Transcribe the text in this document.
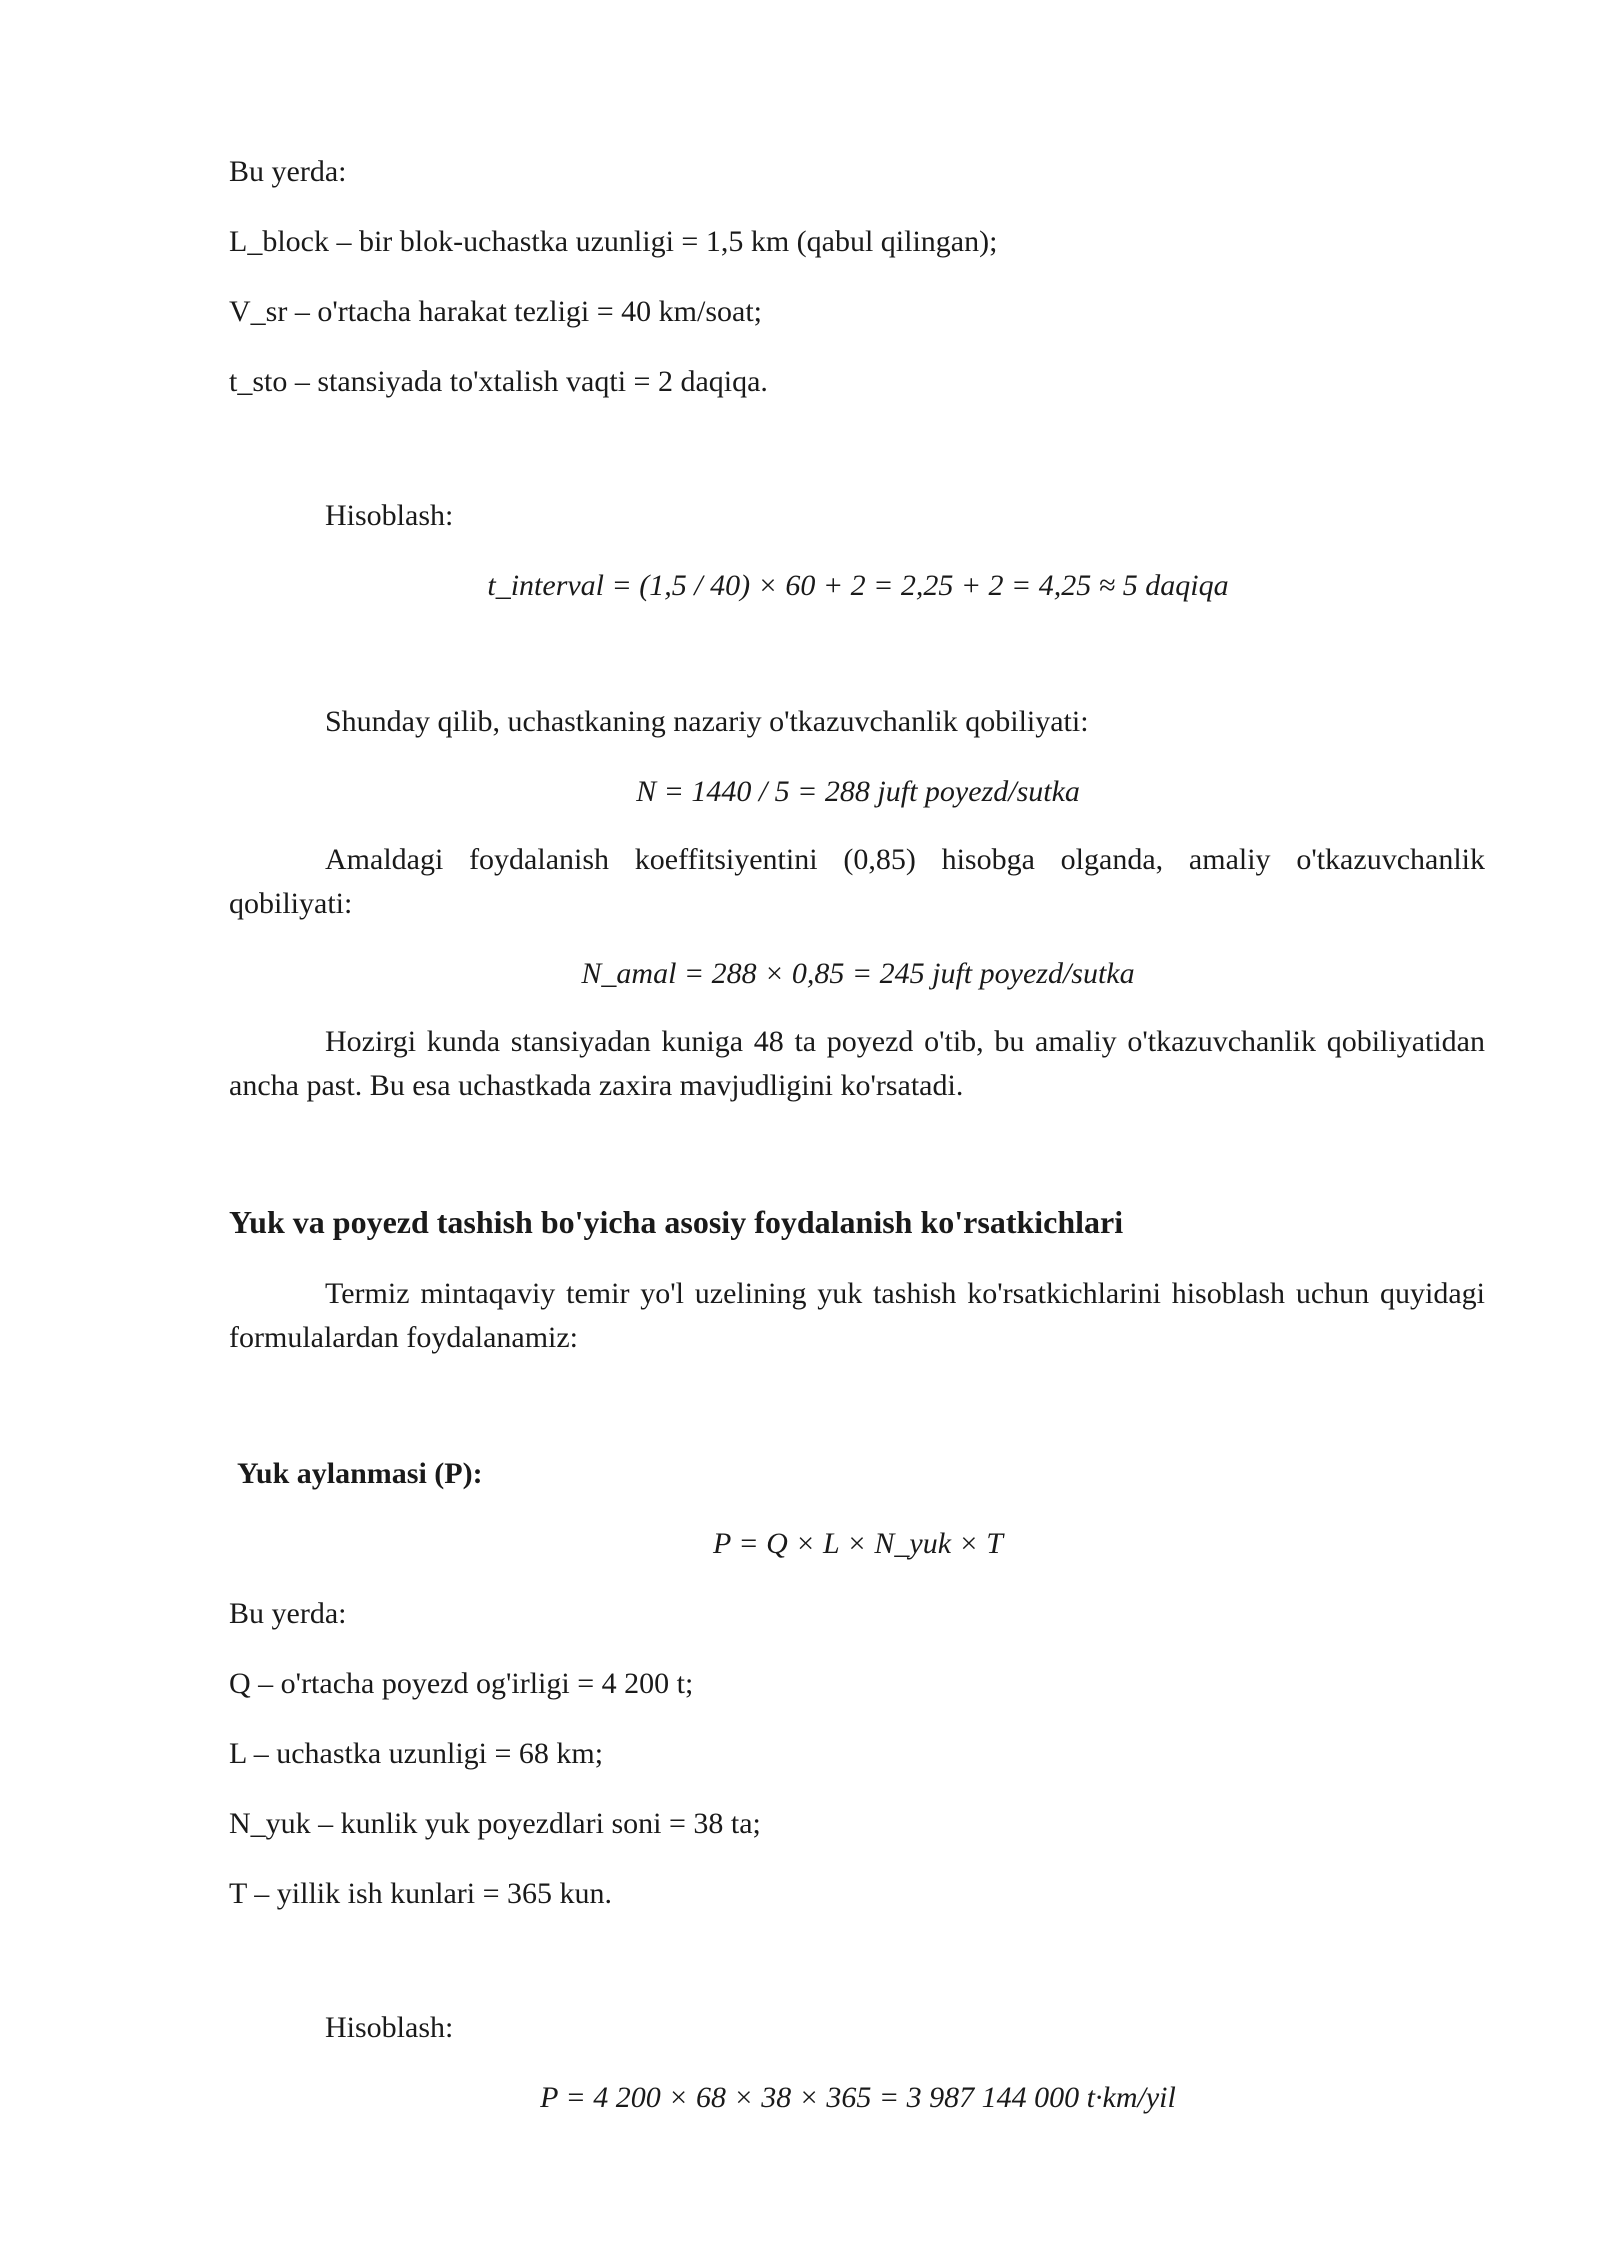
Bu yerda:
L_block – bir blok-uchastka uzunligi = 1,5 km (qabul qilingan);
V_sr – o'rtacha harakat tezligi = 40 km/soat;
t_sto – stansiyada to'xtalish vaqti = 2 daqiqa.
Hisoblash:
t_interval = (1,5 / 40) × 60 + 2 = 2,25 + 2 = 4,25 ≈ 5 daqiqa
Shunday qilib, uchastkaning nazariy o'tkazuvchanlik qobiliyati:
N = 1440 / 5 = 288 juft poyezd/sutka
Amaldagi foydalanish koeffitsiyentini (0,85) hisobga olganda, amaliy o'tkazuvchanlik qobiliyati:
N_amal = 288 × 0,85 = 245 juft poyezd/sutka
Hozirgi kunda stansiyadan kuniga 48 ta poyezd o'tib, bu amaliy o'tkazuvchanlik qobiliyatidan ancha past. Bu esa uchastkada zaxira mavjudligini ko'rsatadi.
Yuk va poyezd tashish bo'yicha asosiy foydalanish ko'rsatkichlari
Termiz mintaqaviy temir yo'l uzelining yuk tashish ko'rsatkichlarini hisoblash uchun quyidagi formulalardan foydalanamiz:
Yuk aylanmasi (P):
P = Q × L × N_yuk × T
Bu yerda:
Q – o'rtacha poyezd og'irligi = 4 200 t;
L – uchastka uzunligi = 68 km;
N_yuk – kunlik yuk poyezdlari soni = 38 ta;
T – yillik ish kunlari = 365 kun.
Hisoblash:
P = 4 200 × 68 × 38 × 365 = 3 987 144 000 t·km/yil
